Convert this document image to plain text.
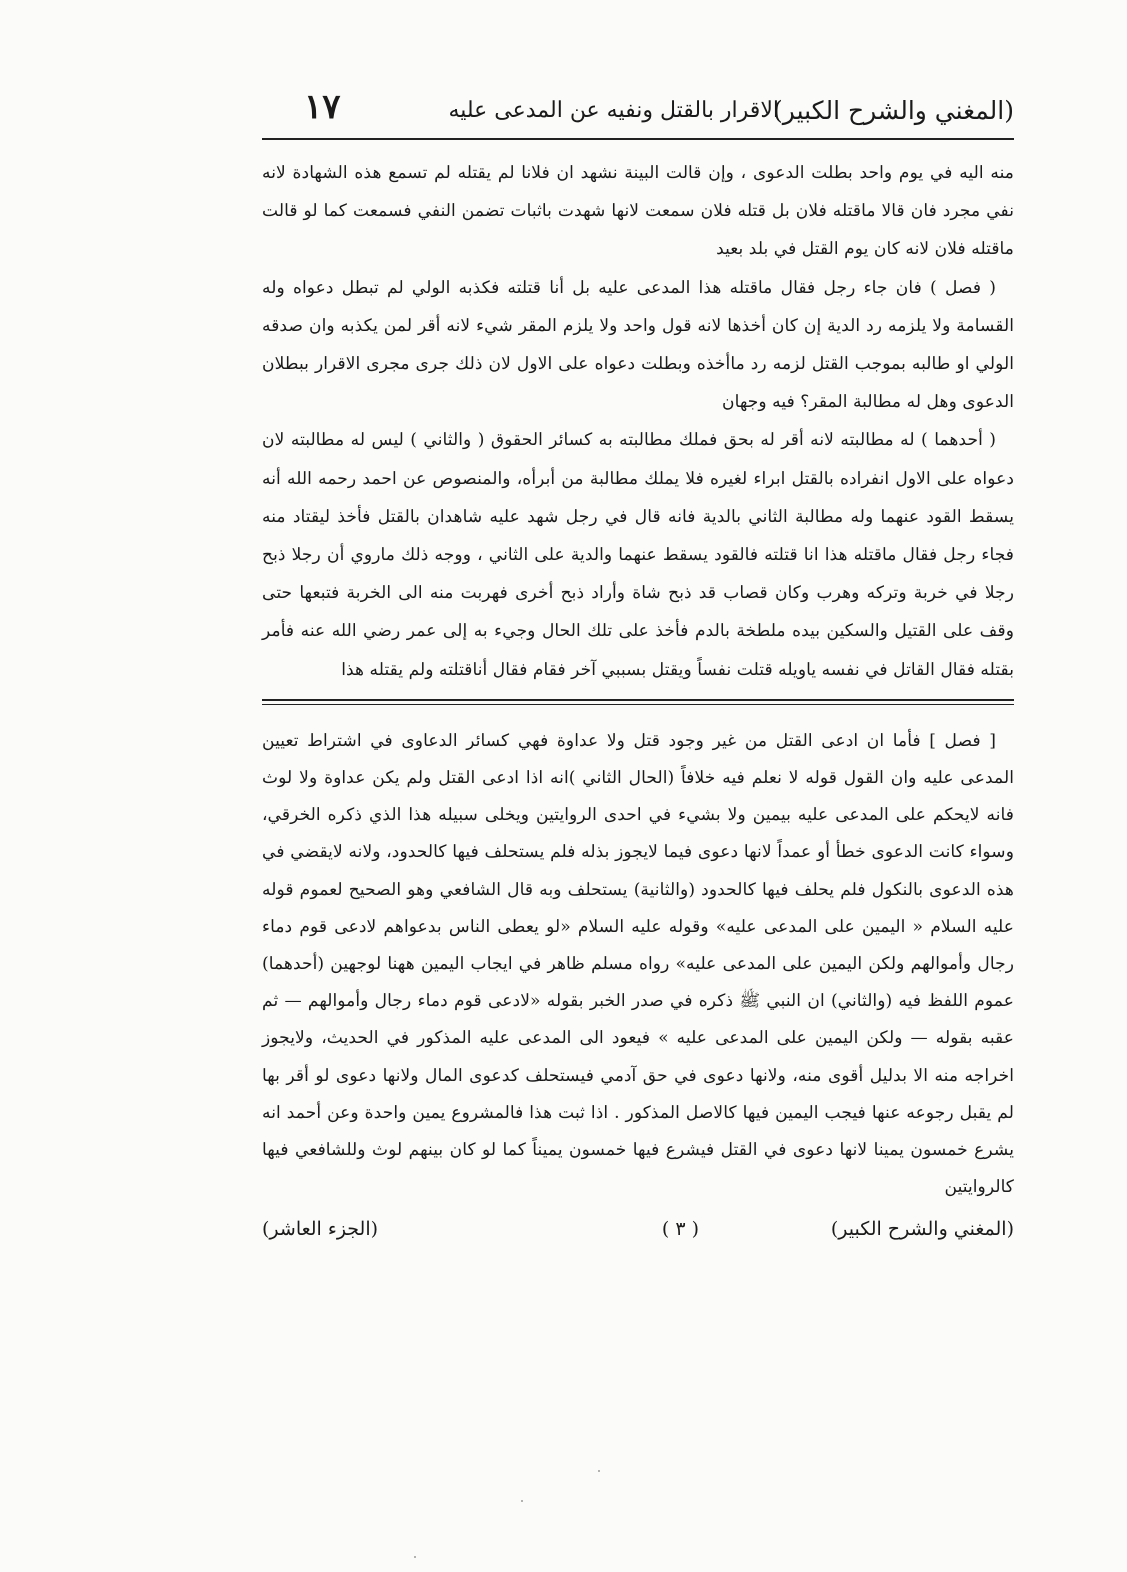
(المغني والشرح الكبير)
الاقرار بالقتل ونفيه عن المدعى عليه
١٧

منه اليه في يوم واحد بطلت الدعوى ، وإن قالت البينة نشهد ان فلانا لم يقتله لم تسمع هذه الشهادة لانه نفي مجرد فان قالا ماقتله فلان بل قتله فلان سمعت لانها شهدت باثبات تضمن النفي فسمعت كما لو قالت ماقتله فلان لانه كان يوم القتل في بلد بعيد

( فصل ) فان جاء رجل فقال ماقتله هذا المدعى عليه بل أنا قتلته فكذبه الولي لم تبطل دعواه وله القسامة ولا يلزمه رد الدية إن كان أخذها لانه قول واحد ولا يلزم المقر شيء لانه أقر لمن يكذبه وان صدقه الولي او طالبه بموجب القتل لزمه رد ماأخذه وبطلت دعواه على الاول لان ذلك جرى مجرى الاقرار ببطلان الدعوى وهل له مطالبة المقر؟ فيه وجهان

( أحدهما ) له مطالبته لانه أقر له بحق فملك مطالبته به كسائر الحقوق ( والثاني ) ليس له مطالبته لان دعواه على الاول انفراده بالقتل ابراء لغيره فلا يملك مطالبة من أبرأه، والمنصوص عن احمد رحمه الله أنه يسقط القود عنهما وله مطالبة الثاني بالدية فانه قال في رجل شهد عليه شاهدان بالقتل فأخذ ليقتاد منه فجاء رجل فقال ماقتله هذا انا قتلته فالقود يسقط عنهما والدية على الثاني ، ووجه ذلك ماروي أن رجلا ذبح رجلا في خربة وتركه وهرب وكان قصاب قد ذبح شاة وأراد ذبح أخرى فهربت منه الى الخربة فتبعها حتى وقف على القتيل والسكين بيده ملطخة بالدم فأخذ على تلك الحال وجيء به إلى عمر رضي الله عنه فأمر بقتله فقال القاتل في نفسه ياويله قتلت نفساً ويقتل بسببي آخر فقام فقال أناقتلته ولم يقتله هذا

[ فصل ] فأما ان ادعى القتل من غير وجود قتل ولا عداوة فهي كسائر الدعاوى في اشتراط تعيين المدعى عليه وان القول قوله لا نعلم فيه خلافاً (الحال الثاني )انه اذا ادعى القتل ولم يكن عداوة ولا لوث فانه لايحكم على المدعى عليه بيمين ولا بشيء في احدى الروايتين ويخلى سبيله هذا الذي ذكره الخرقي، وسواء كانت الدعوى خطأ أو عمداً لانها دعوى فيما لايجوز بذله فلم يستحلف فيها كالحدود، ولانه لايقضي في هذه الدعوى بالنكول فلم يحلف فيها كالحدود (والثانية) يستحلف وبه قال الشافعي وهو الصحيح لعموم قوله عليه السلام « اليمين على المدعى عليه» وقوله عليه السلام «لو يعطى الناس بدعواهم لادعى قوم دماء رجال وأموالهم ولكن اليمين على المدعى عليه» رواه مسلم ظاهر في ايجاب اليمين ههنا لوجهين (أحدهما) عموم اللفظ فيه (والثاني) ان النبي ﷺ ذكره في صدر الخبر بقوله «لادعى قوم دماء رجال وأموالهم — ثم عقبه بقوله — ولكن اليمين على المدعى عليه » فيعود الى المدعى عليه المذكور في الحديث، ولايجوز اخراجه منه الا بدليل أقوى منه، ولانها دعوى في حق آدمي فيستحلف كدعوى المال ولانها دعوى لو أقر بها لم يقبل رجوعه عنها فيجب اليمين فيها كالاصل المذكور . اذا ثبت هذا فالمشروع يمين واحدة وعن أحمد انه يشرع خمسون يمينا لانها دعوى في القتل فيشرع فيها خمسون يميناً كما لو كان بينهم لوث وللشافعي فيها كالروايتين

(المغني والشرح الكبير)
( ٣ )
(الجزء العاشر)
